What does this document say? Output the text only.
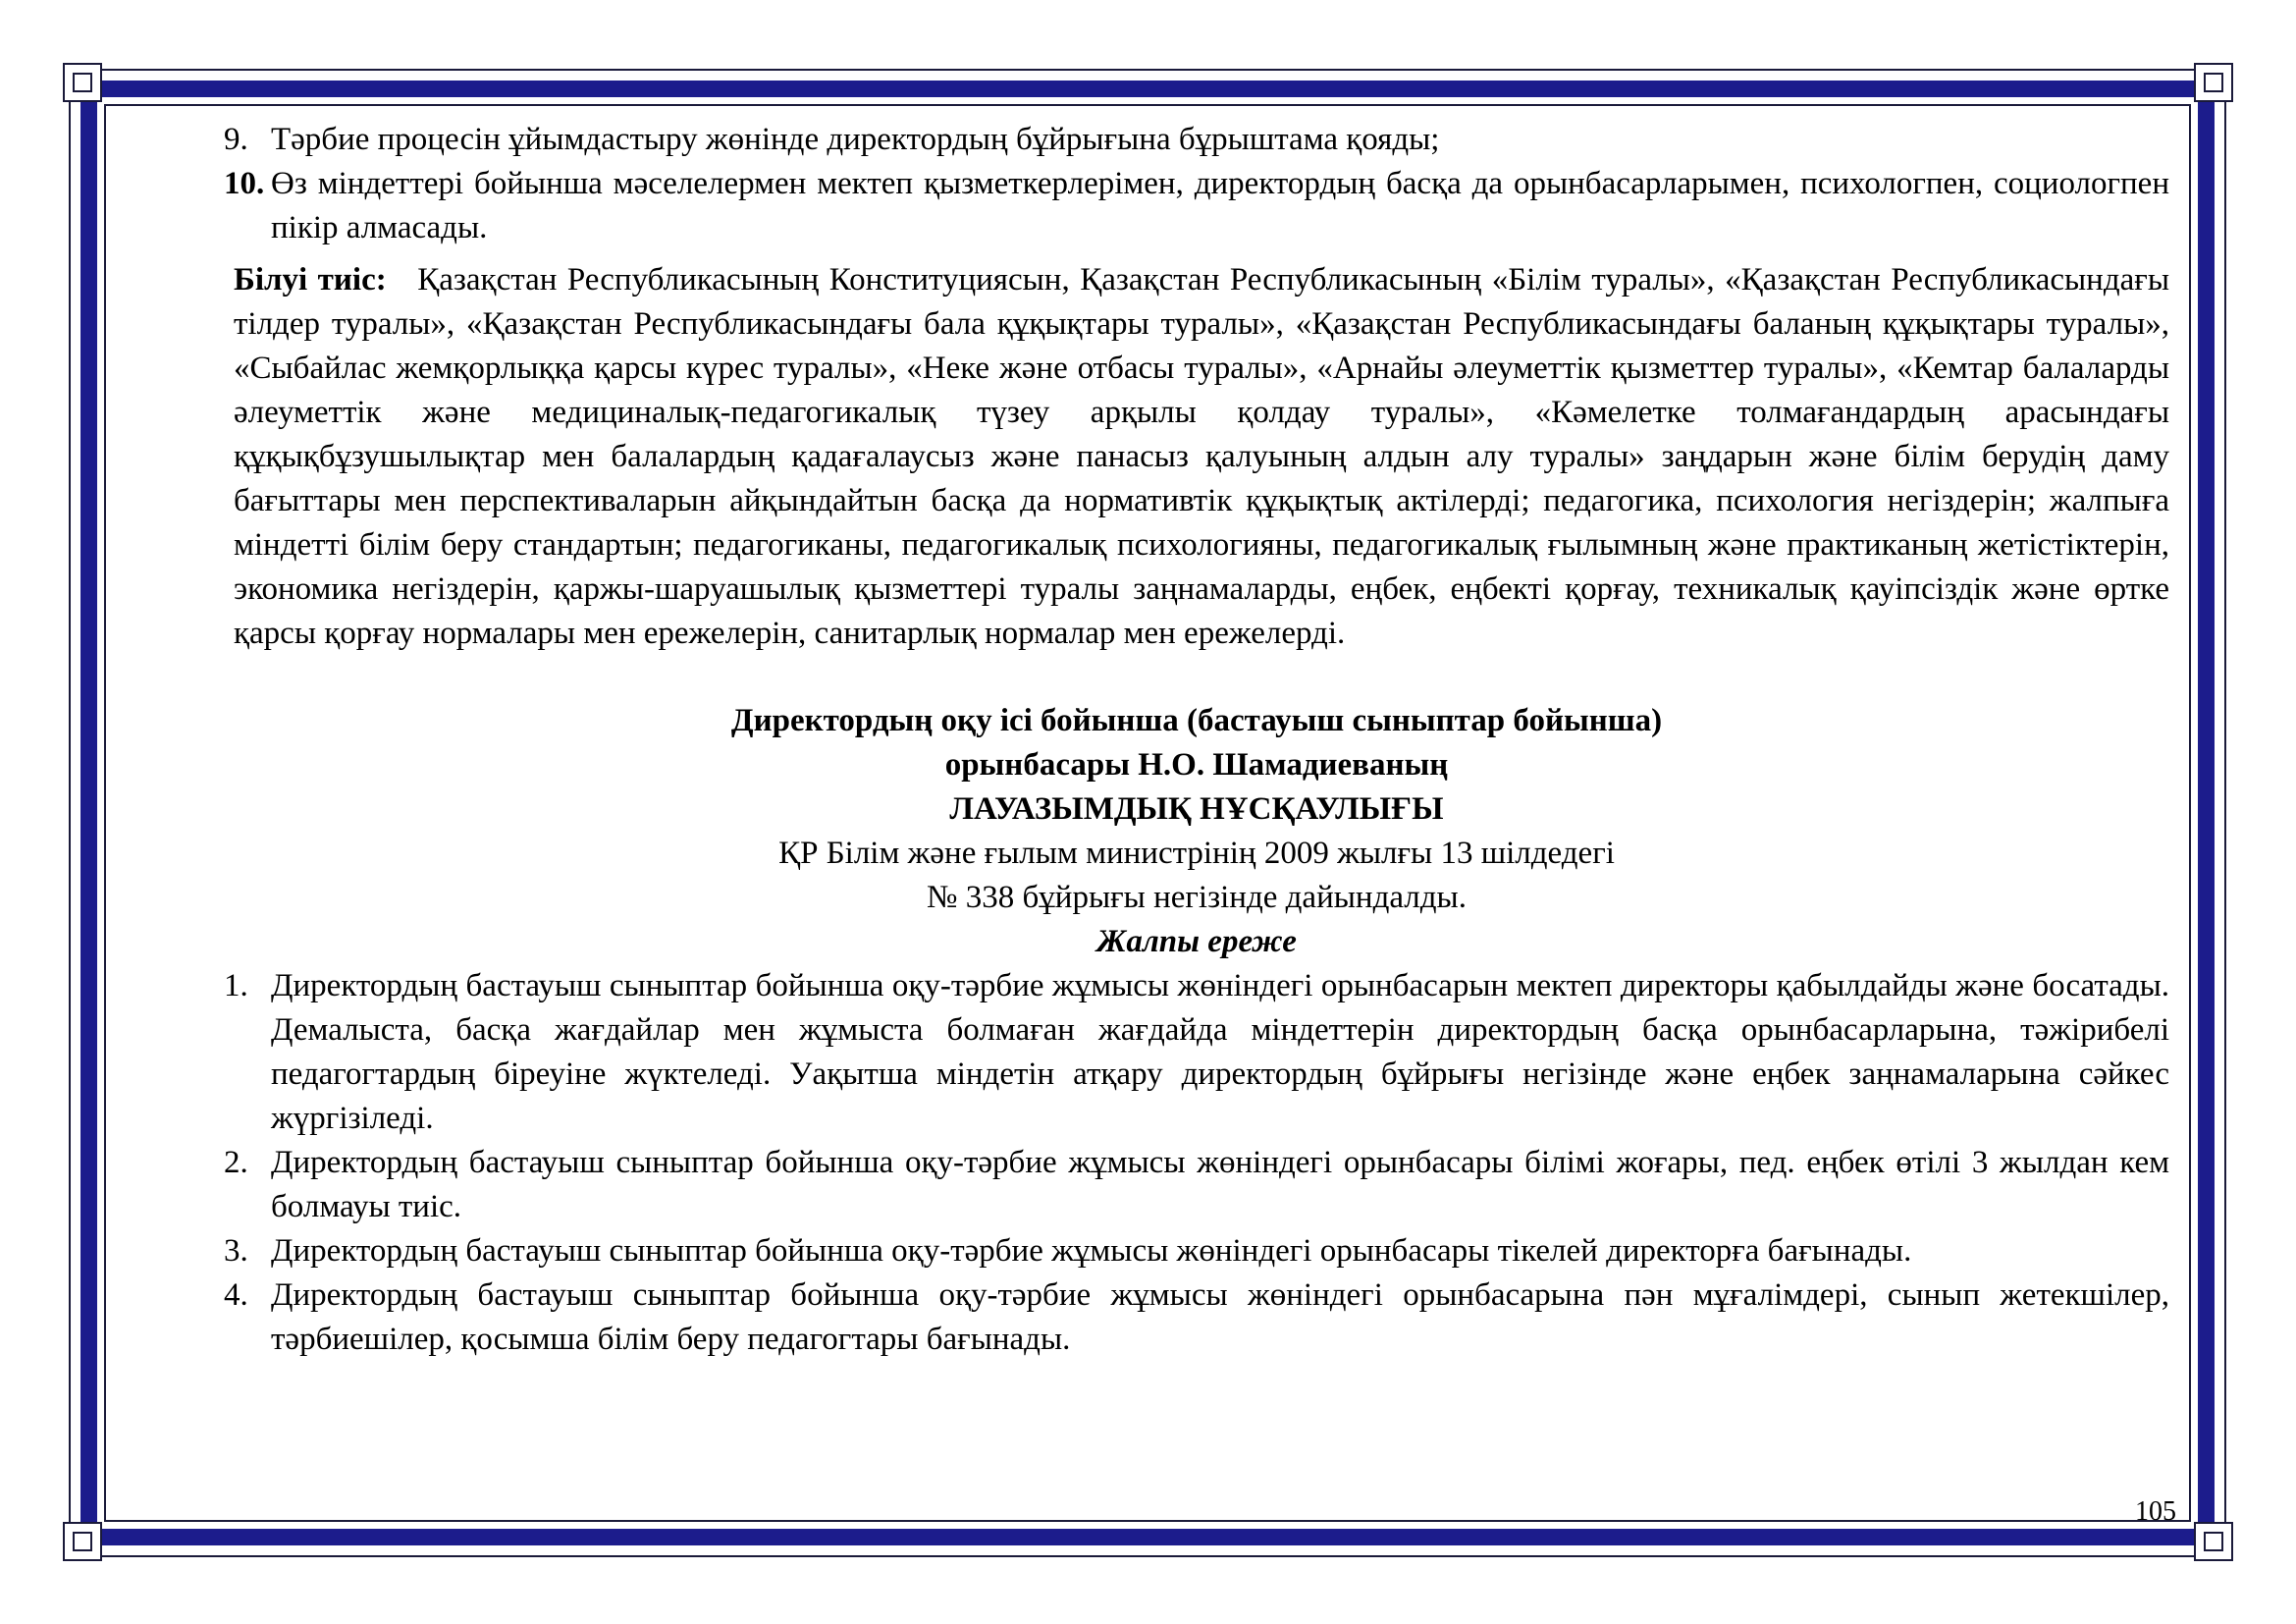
9. Тәрбие процесін ұйымдастыру жөнінде директордың бұйрығына бұрыштама қояды;
10. Өз міндеттері бойынша мәселелермен мектеп қызметкерлерімен, директордың басқа да орынбасарларымен, психологпен, социологпен пікір алмасады.
Білуі тиіс: Қазақстан Республикасының Конституциясын, Қазақстан Республикасының «Білім туралы», «Қазақстан Республикасындағы тілдер туралы», «Қазақстан Республикасындағы бала құқықтары туралы», «Қазақстан Республикасындағы баланың құқықтары туралы», «Сыбайлас жемқорлыққа қарсы күрес туралы», «Неке және отбасы туралы», «Арнайы әлеуметтік қызметтер туралы», «Кемтар балаларды әлеуметтік және медициналық-педагогикалық түзеу арқылы қолдау туралы», «Кәмелетке толмағандардың арасындағы құқықбұзушылықтар мен балалардың қадағалаусыз және панасыз қалуының алдын алу туралы» заңдарын және білім берудің даму бағыттары мен перспективаларын айқындайтын басқа да нормативтік құқықтық актілерді; педагогика, психология негіздерін; жалпыға міндетті білім беру стандартын; педагогиканы, педагогикалық психологияны, педагогикалық ғылымның және практиканың жетістіктерін, экономика негіздерін, қаржы-шаруашылық қызметтері туралы заңнамаларды, еңбек, еңбекті қорғау, техникалық қауіпсіздік және өртке қарсы қорғау нормалары мен ережелерін, санитарлық нормалар мен ережелерді.
Директордың оқу ісі бойынша (бастауыш сыныптар бойынша)
орынбасары Н.О. Шамадиеваның
ЛАУАЗЫМДЫҚ НҰСҚАУЛЫҒЫ
ҚР Білім және ғылым министрінің 2009 жылғы 13 шілдедегі
№ 338 бұйрығы негізінде дайындалды.
Жалпы ереже
1. Директордың бастауыш сыныптар бойынша оқу-тәрбие жұмысы жөніндегі орынбасарын мектеп директоры қабылдайды және босатады. Демалыста, басқа жағдайлар мен жұмыста болмаған жағдайда міндеттерін директордың басқа орынбасарларына, тәжірибелі педагогтардың біреуіне жүктеледі. Уақытша міндетін атқару директордың бұйрығы негізінде және еңбек заңнамаларына сәйкес жүргізіледі.
2. Директордың бастауыш сыныптар бойынша оқу-тәрбие жұмысы жөніндегі орынбасары білімі жоғары, пед. еңбек өтілі 3 жылдан кем болмауы тиіс.
3. Директордың бастауыш сыныптар бойынша оқу-тәрбие жұмысы жөніндегі орынбасары тікелей директорға бағынады.
4. Директордың бастауыш сыныптар бойынша оқу-тәрбие жұмысы жөніндегі орынбасарына пән мұғалімдері, сынып жетекшілер, тәрбиешілер, қосымша білім беру педагогтары бағынады.
105
